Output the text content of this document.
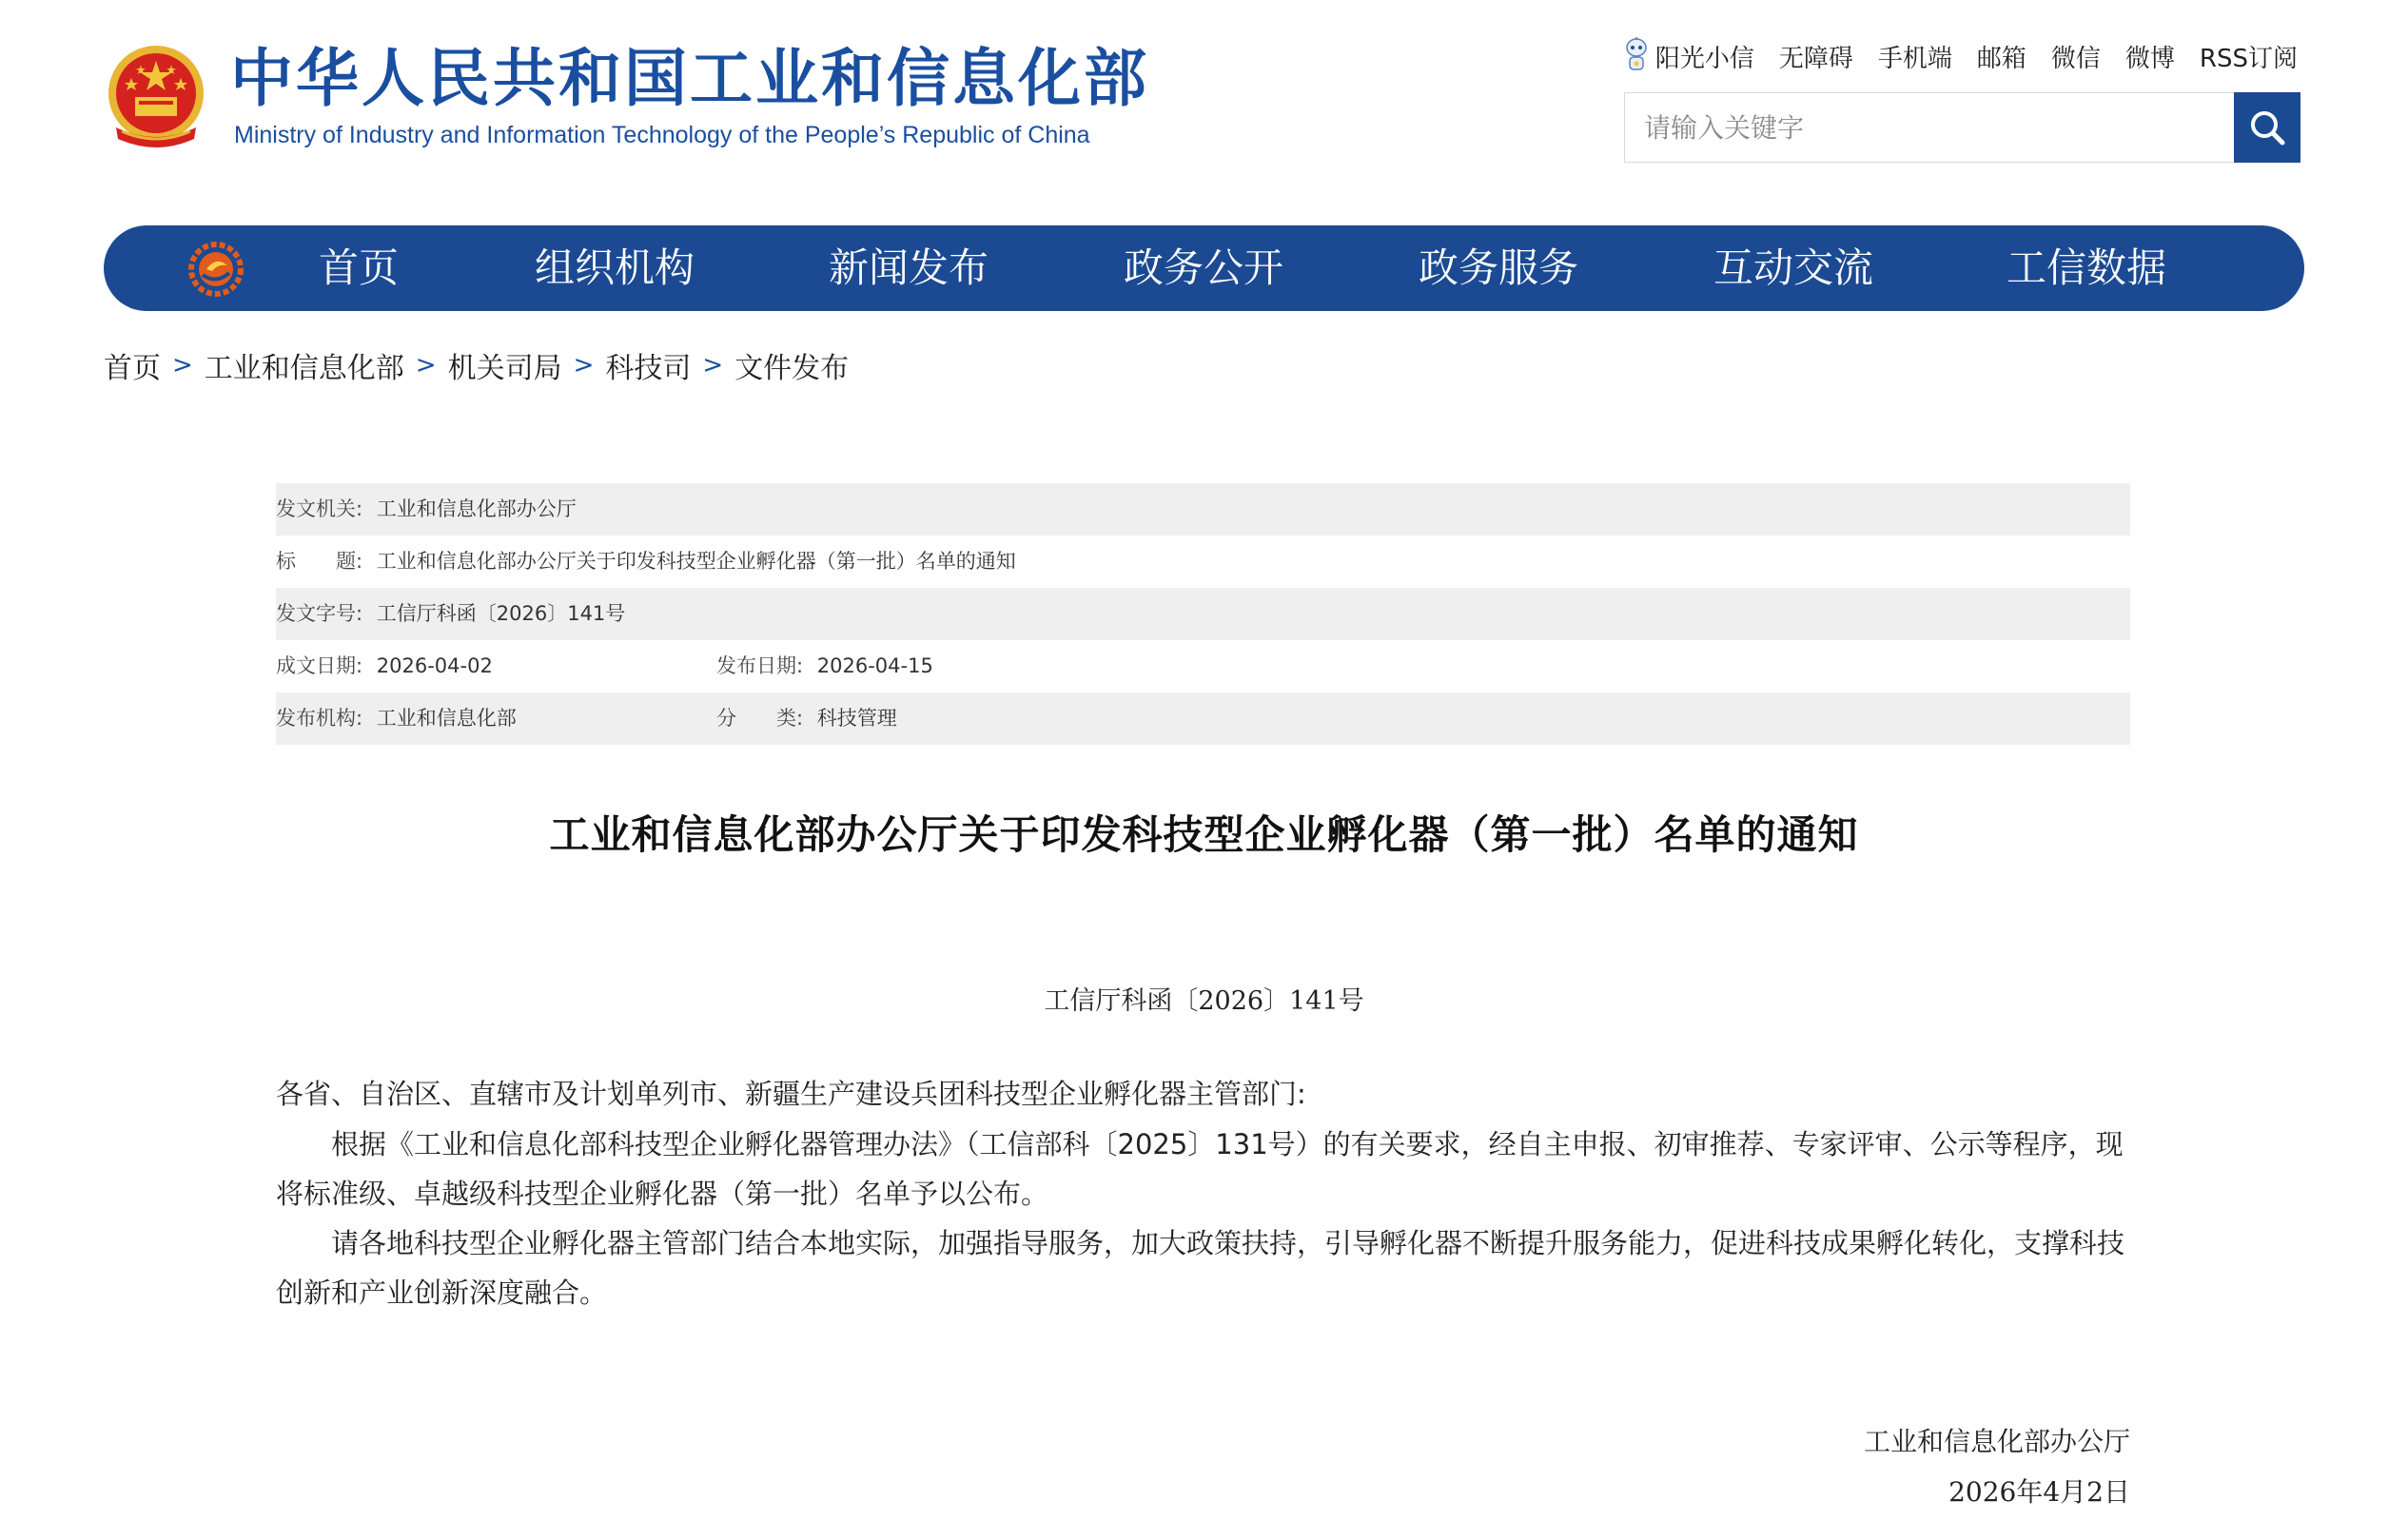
中华人民共和国工业和信息化部
Ministry of Industry and Information Technology of the People’s Republic of China
阳光小信 无障碍 手机端 邮箱 微信 微博 RSS订阅
请输入关键字
首页	组织机构	新闻发布	政务公开	政务服务	互动交流	工信数据
首页 > 工业和信息化部 > 机关司局 > 科技司 > 文件发布
发文机关: 工业和信息化部办公厅
标　　题: 工业和信息化部办公厅关于印发科技型企业孵化器（第一批）名单的通知
发文字号: 工信厅科函〔2026〕141号
成文日期: 2026-04-02	发布日期: 2026-04-15
发布机构: 工业和信息化部	分　　类: 科技管理
工业和信息化部办公厅关于印发科技型企业孵化器（第一批）名单的通知
工信厅科函〔2026〕141号
各省、自治区、直辖市及计划单列市、新疆生产建设兵团科技型企业孵化器主管部门:
根据《工业和信息化部科技型企业孵化器管理办法》（工信部科〔2025〕131号）的有关要求，经自主申报、初审推荐、专家评审、公示等程序，现将标准级、卓越级科技型企业孵化器（第一批）名单予以公布。
请各地科技型企业孵化器主管部门结合本地实际，加强指导服务，加大政策扶持，引导孵化器不断提升服务能力，促进科技成果孵化转化，支撑科技创新和产业创新深度融合。
工业和信息化部办公厅
2026年4月2日
